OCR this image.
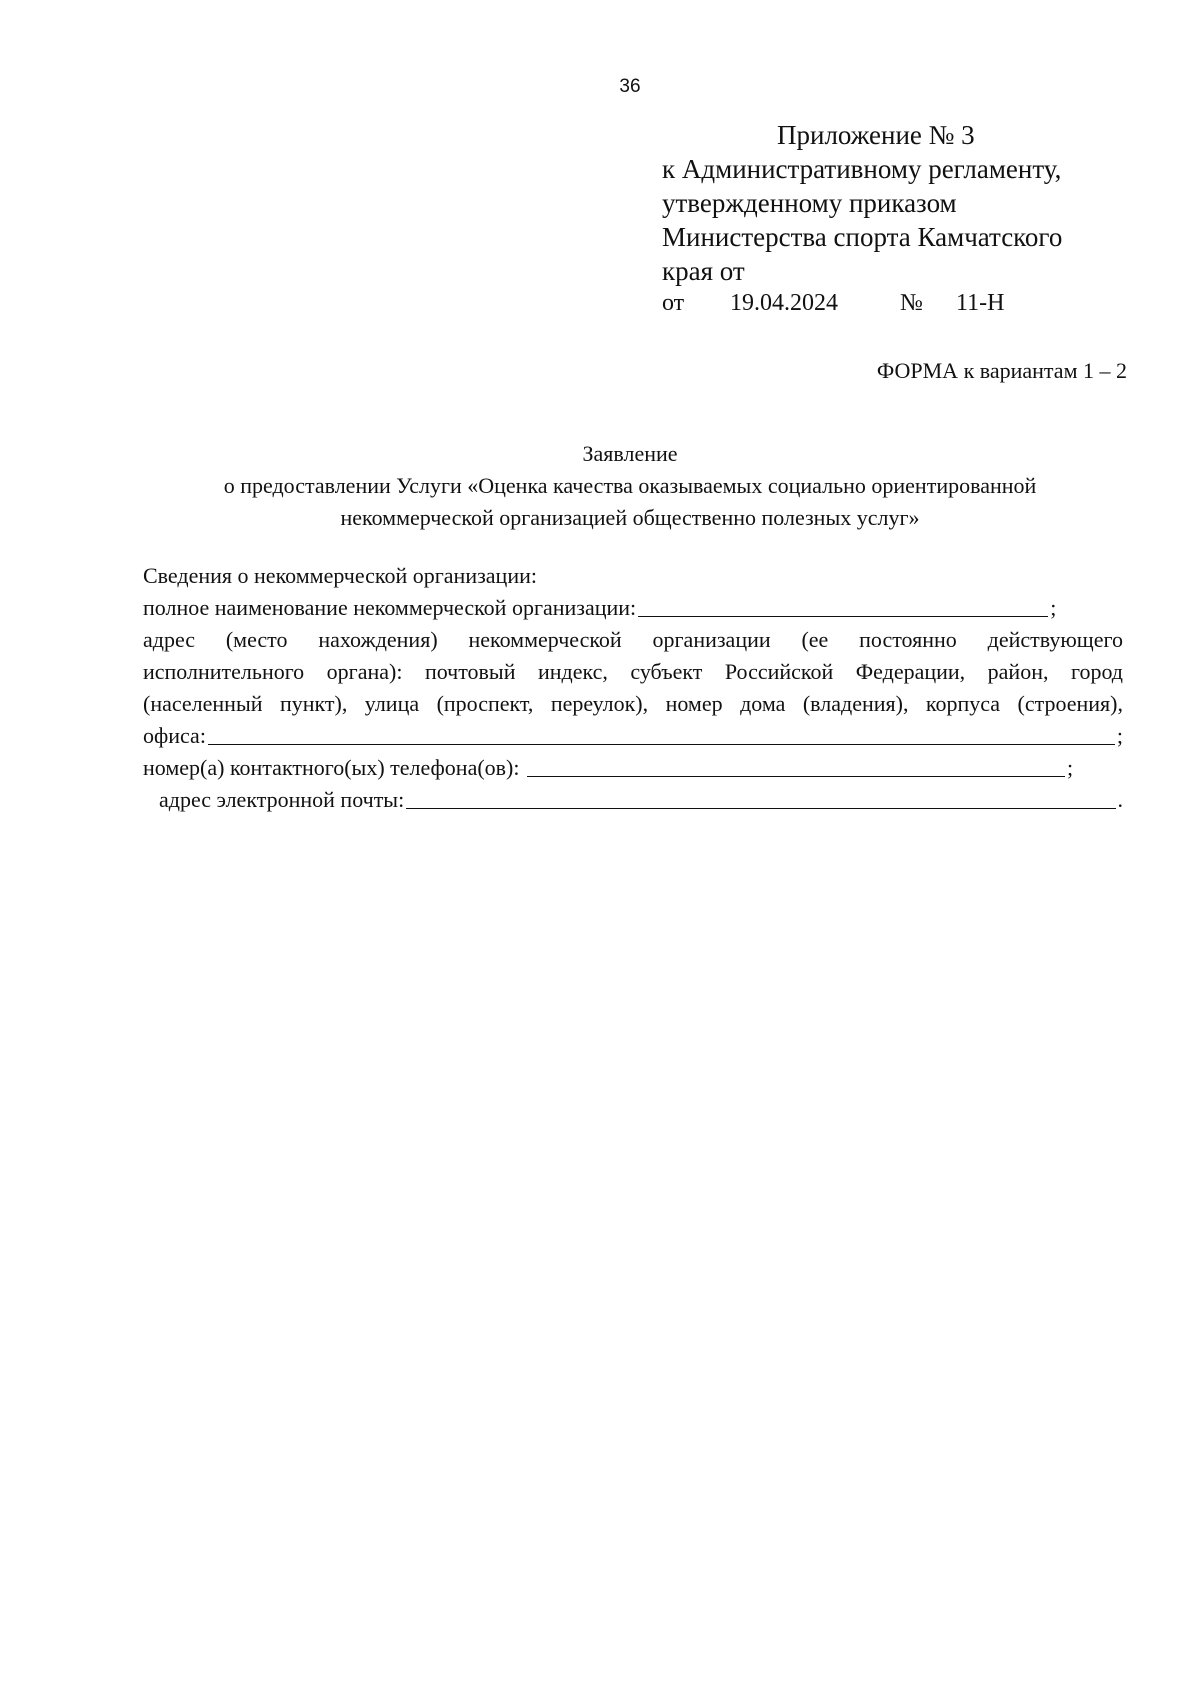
36
Приложение № 3
к Административному регламенту,
утвержденному приказом
Министерства спорта Камчатского
края от
от 19.04.2024	№ 11-Н
ФОРМА к вариантам 1 – 2
Заявление
о предоставлении Услуги «Оценка качества оказываемых социально ориентированной
некоммерческой организацией общественно полезных услуг»
Сведения о некоммерческой организации:
полное наименование некоммерческой организации:	;
адрес (место нахождения) некоммерческой организации (ее постоянно действующего
исполнительного органа): почтовый индекс, субъект Российской Федерации, район, город
(населенный пункт), улица (проспект, переулок), номер дома (владения), корпуса (строения),
офиса:	;
номер(а) контактного(ых) телефона(ов):	;
адрес электронной почты:	.
